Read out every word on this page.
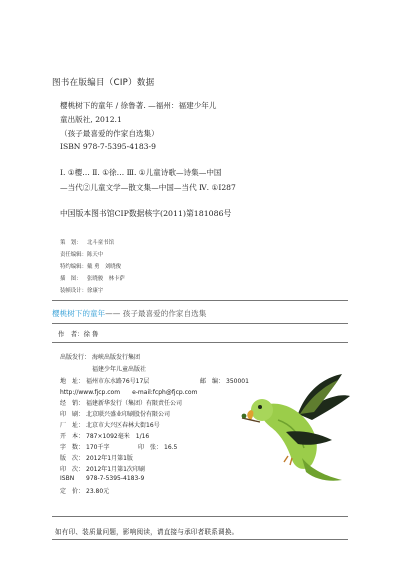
图书在版编目（CIP）数据
樱桃树下的童年 / 徐鲁著. —福州：福建少年儿
童出版社, 2012.1
（孩子最喜爱的作家自选集）
ISBN 978-7-5395-4183-9
Ⅰ. ①樱… Ⅱ. ①徐… Ⅲ. ①儿童诗歌—诗集—中国
—当代②儿童文学—散文集—中国—当代 Ⅳ. ①I287
中国版本图书馆CIP数据核字(2011)第181086号
策　划： 北斗童书馆
责任编辑：陈天中
特约编辑：戴 勇　刘晓俊
插　图： 张晓骏　林卡萨
装帧设计：徐康宇
樱桃树下的童年—— 孩子最喜爱的作家自选集
作　者：徐 鲁
出版发行： 海峡出版发行集团
福建少年儿童出版社
地　址： 福州市东水路76号17层	邮　编： 350001
http://www.fjcp.com　　e-mail:fcph@fjcp.com
经　销： 福建新华发行（集团）有限责任公司
印　刷： 北京联兴盛业印刷股份有限公司
厂　址： 北京市大兴区春林大街16号
开　本： 787×1092毫米　1/16
字　数： 170千字	印　张： 16.5
版　次： 2012年1月第1版
印　次： 2012年1月第1次印刷
ISBN 978-7-5395-4183-9
定　价： 23.80元
如有印、装质量问题，影响阅读，请直接与承印者联系调换。
